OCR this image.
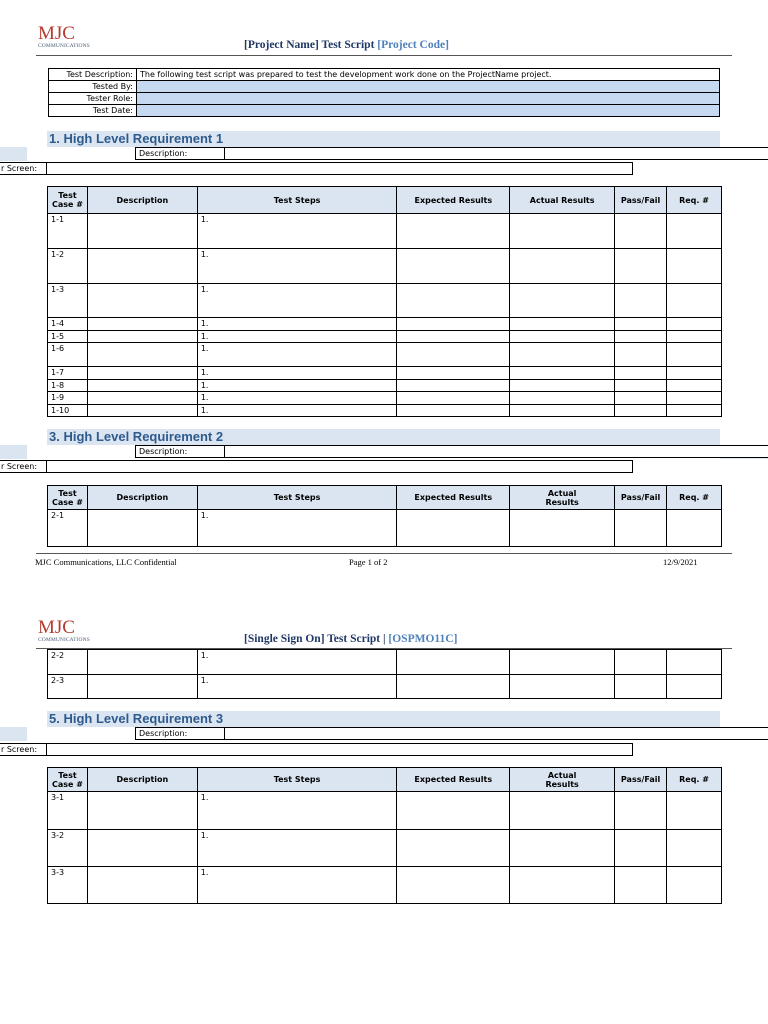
MJC
COMMUNICATIONS	[Project Name] Test Script [Project Code]
Test Description:	The following test script was prepared to test the development work done on the ProjectName project.
Tested By:	
Tester Role:	
Test Date:	
1. High Level Requirement 1
Description:
r Screen:
Test Case #	Description	Test Steps	Expected Results	Actual Results	Pass/Fail	Req. #
1-1		1.				
1-2		1.				
1-3		1.				
1-4		1.				
1-5		1.				
1-6		1.				
1-7		1.				
1-8		1.				
1-9		1.				
1-10		1.				
3. High Level Requirement 2
Description:
r Screen:
Test Case #	Description	Test Steps	Expected Results	Actual Results	Pass/Fail	Req. #
2-1		1.				
MJC Communications, LLC Confidential	Page 1 of 2	12/9/2021
MJC
COMMUNICATIONS	[Single Sign On] Test Script | [OSPMO11C]
2-2		1.				
2-3		1.				
5. High Level Requirement 3
Description:
r Screen:
Test Case #	Description	Test Steps	Expected Results	Actual Results	Pass/Fail	Req. #
3-1		1.				
3-2		1.				
3-3		1.				
